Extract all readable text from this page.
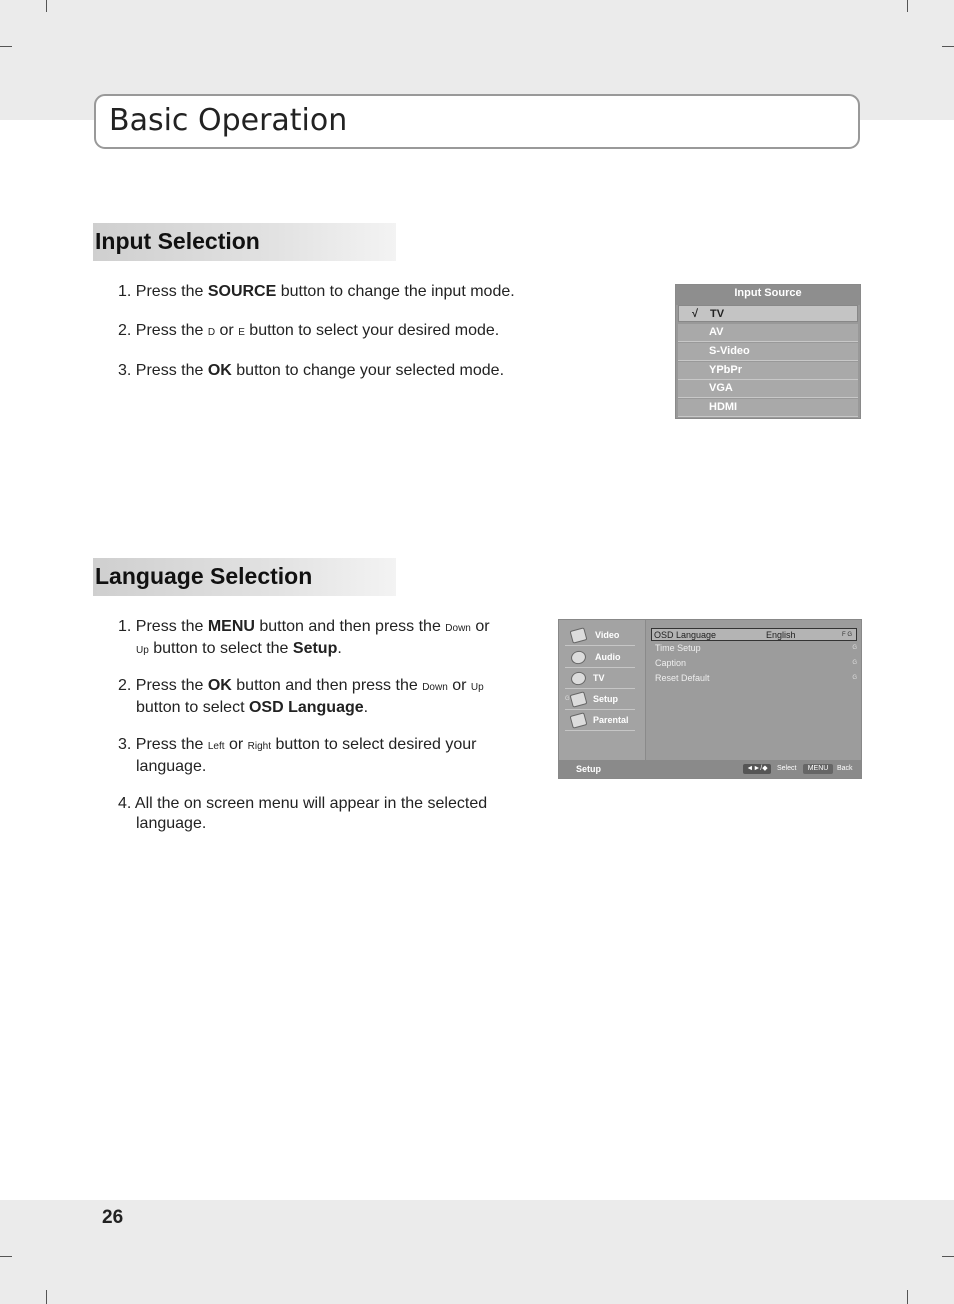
Basic Operation
Input Selection
1. Press the SOURCE button to change the input mode.
2. Press the D or E button to select your desired mode.
3. Press the OK button to change your selected mode.
Input Source
√ TV
AV
S-Video
YPbPr
VGA
HDMI
Language Selection
1. Press the MENU button and then press the Down or
Up button to select the Setup.
2. Press the OK button and then press the Down or Up
button to select OSD Language.
3. Press the Left or Right button to select desired your
language.
4. All the on screen menu will appear in the selected
language.
Video
Audio
TV
Setup
G
Parental
OSD Language	English	F G
Time Setup	G
Caption	G
Reset Default	G
Setup	◄►/◆	Select	MENU	Back
26
